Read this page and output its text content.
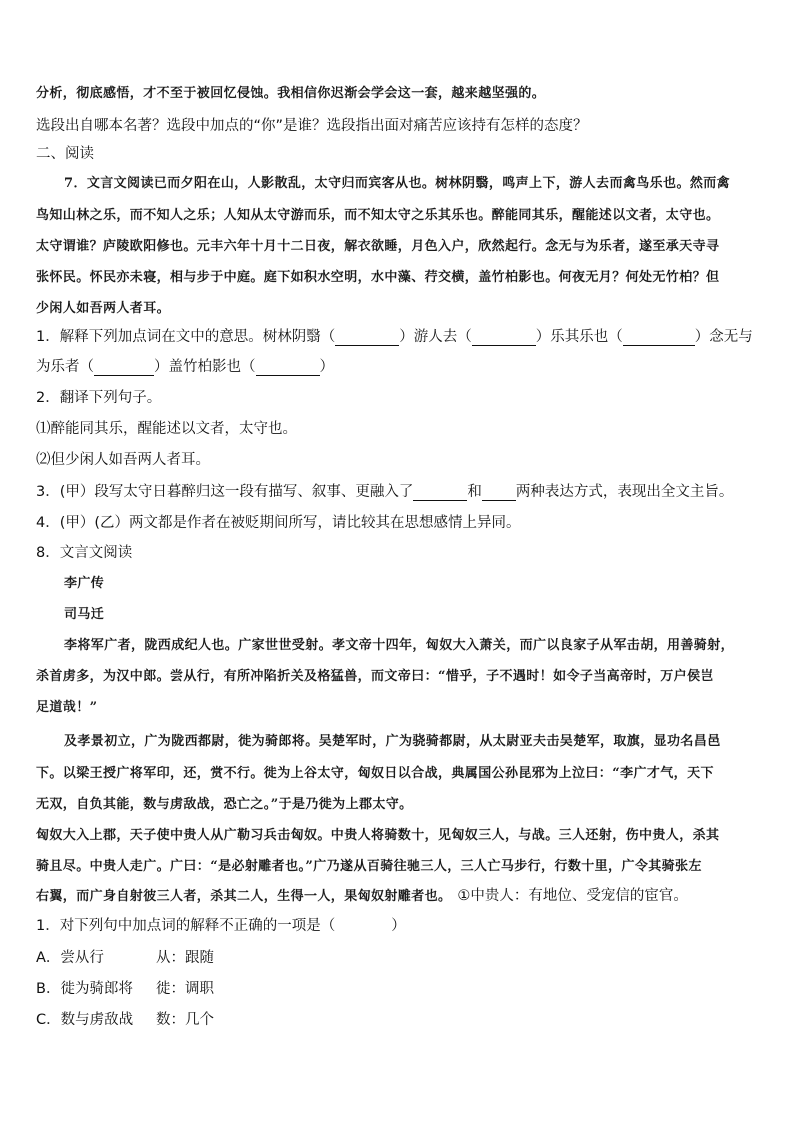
分析，彻底感悟，才不至于被回忆侵蚀。我相信你迟渐会学会这一套，越来越坚强的。
选段出自哪本名著？选段中加点的“你”是谁？选段指出面对痛苦应该持有怎样的态度？
二、阅读
7．文言文阅读已而夕阳在山，人影散乱，太守归而宾客从也。树林阴翳，鸣声上下，游人去而禽鸟乐也。然而禽
鸟知山林之乐，而不知人之乐；人知从太守游而乐，而不知太守之乐其乐也。醉能同其乐，醒能述以文者，太守也。
太守谓谁？庐陵欧阳修也。元丰六年十月十二日夜，解衣欲睡，月色入户，欣然起行。念无与为乐者，遂至承天寺寻
张怀民。怀民亦未寝，相与步于中庭。庭下如积水空明，水中藻、荇交横，盖竹柏影也。何夜无月？何处无竹柏？但
少闲人如吾两人者耳。
1．解释下列加点词在文中的意思。树林阴翳（	）游人去（	）乐其乐也（	）念无与
为乐者（	）盖竹柏影也（	）
2．翻译下列句子。
⑴醉能同其乐，醒能述以文者，太守也。
⑵但少闲人如吾两人者耳。
3．(甲）段写太守日暮醉归这一段有描写、叙事、更融入了	和 两种表达方式，表现出全文主旨。
4．(甲）(乙）两文都是作者在被贬期间所写，请比较其在思想感情上异同。
8．文言文阅读
李广传
司马迁
李将军广者，陇西成纪人也。广家世世受射。孝文帝十四年，匈奴大入萧关，而广以良家子从军击胡，用善骑射，
杀首虏多，为汉中郎。尝从行，有所冲陷折关及格猛兽，而文帝曰：“惜乎，子不遇时！如令子当高帝时，万户侯岂
足道哉！”
及孝景初立，广为陇西都尉，徙为骑郎将。吴楚军时，广为骁骑都尉，从太尉亚夫击吴楚军，取旗，显功名昌邑
下。以梁王授广将军印，还，赏不行。徙为上谷太守，匈奴日以合战，典属国公孙昆邪为上泣曰：“李广才气，天下
无双，自负其能，数与虏敌战，恐亡之。”于是乃徙为上郡太守。
匈奴大入上郡，天子使中贵人从广勒习兵击匈奴。中贵人将骑数十，见匈奴三人，与战。三人还射，伤中贵人，杀其
骑且尽。中贵人走广。广曰：“是必射雕者也。”广乃遂从百骑往驰三人，三人亡马步行，行数十里，广令其骑张左
右翼，而广身自射彼三人者，杀其二人，生得一人，果匈奴射雕者也。 ①中贵人：有地位、受宠信的宦官。
1．对下列句中加点词的解释不正确的一项是（	）
A．尝从行	从：跟随
B．徙为骑郎将 徙：调职
C．数与虏敌战 数：几个
